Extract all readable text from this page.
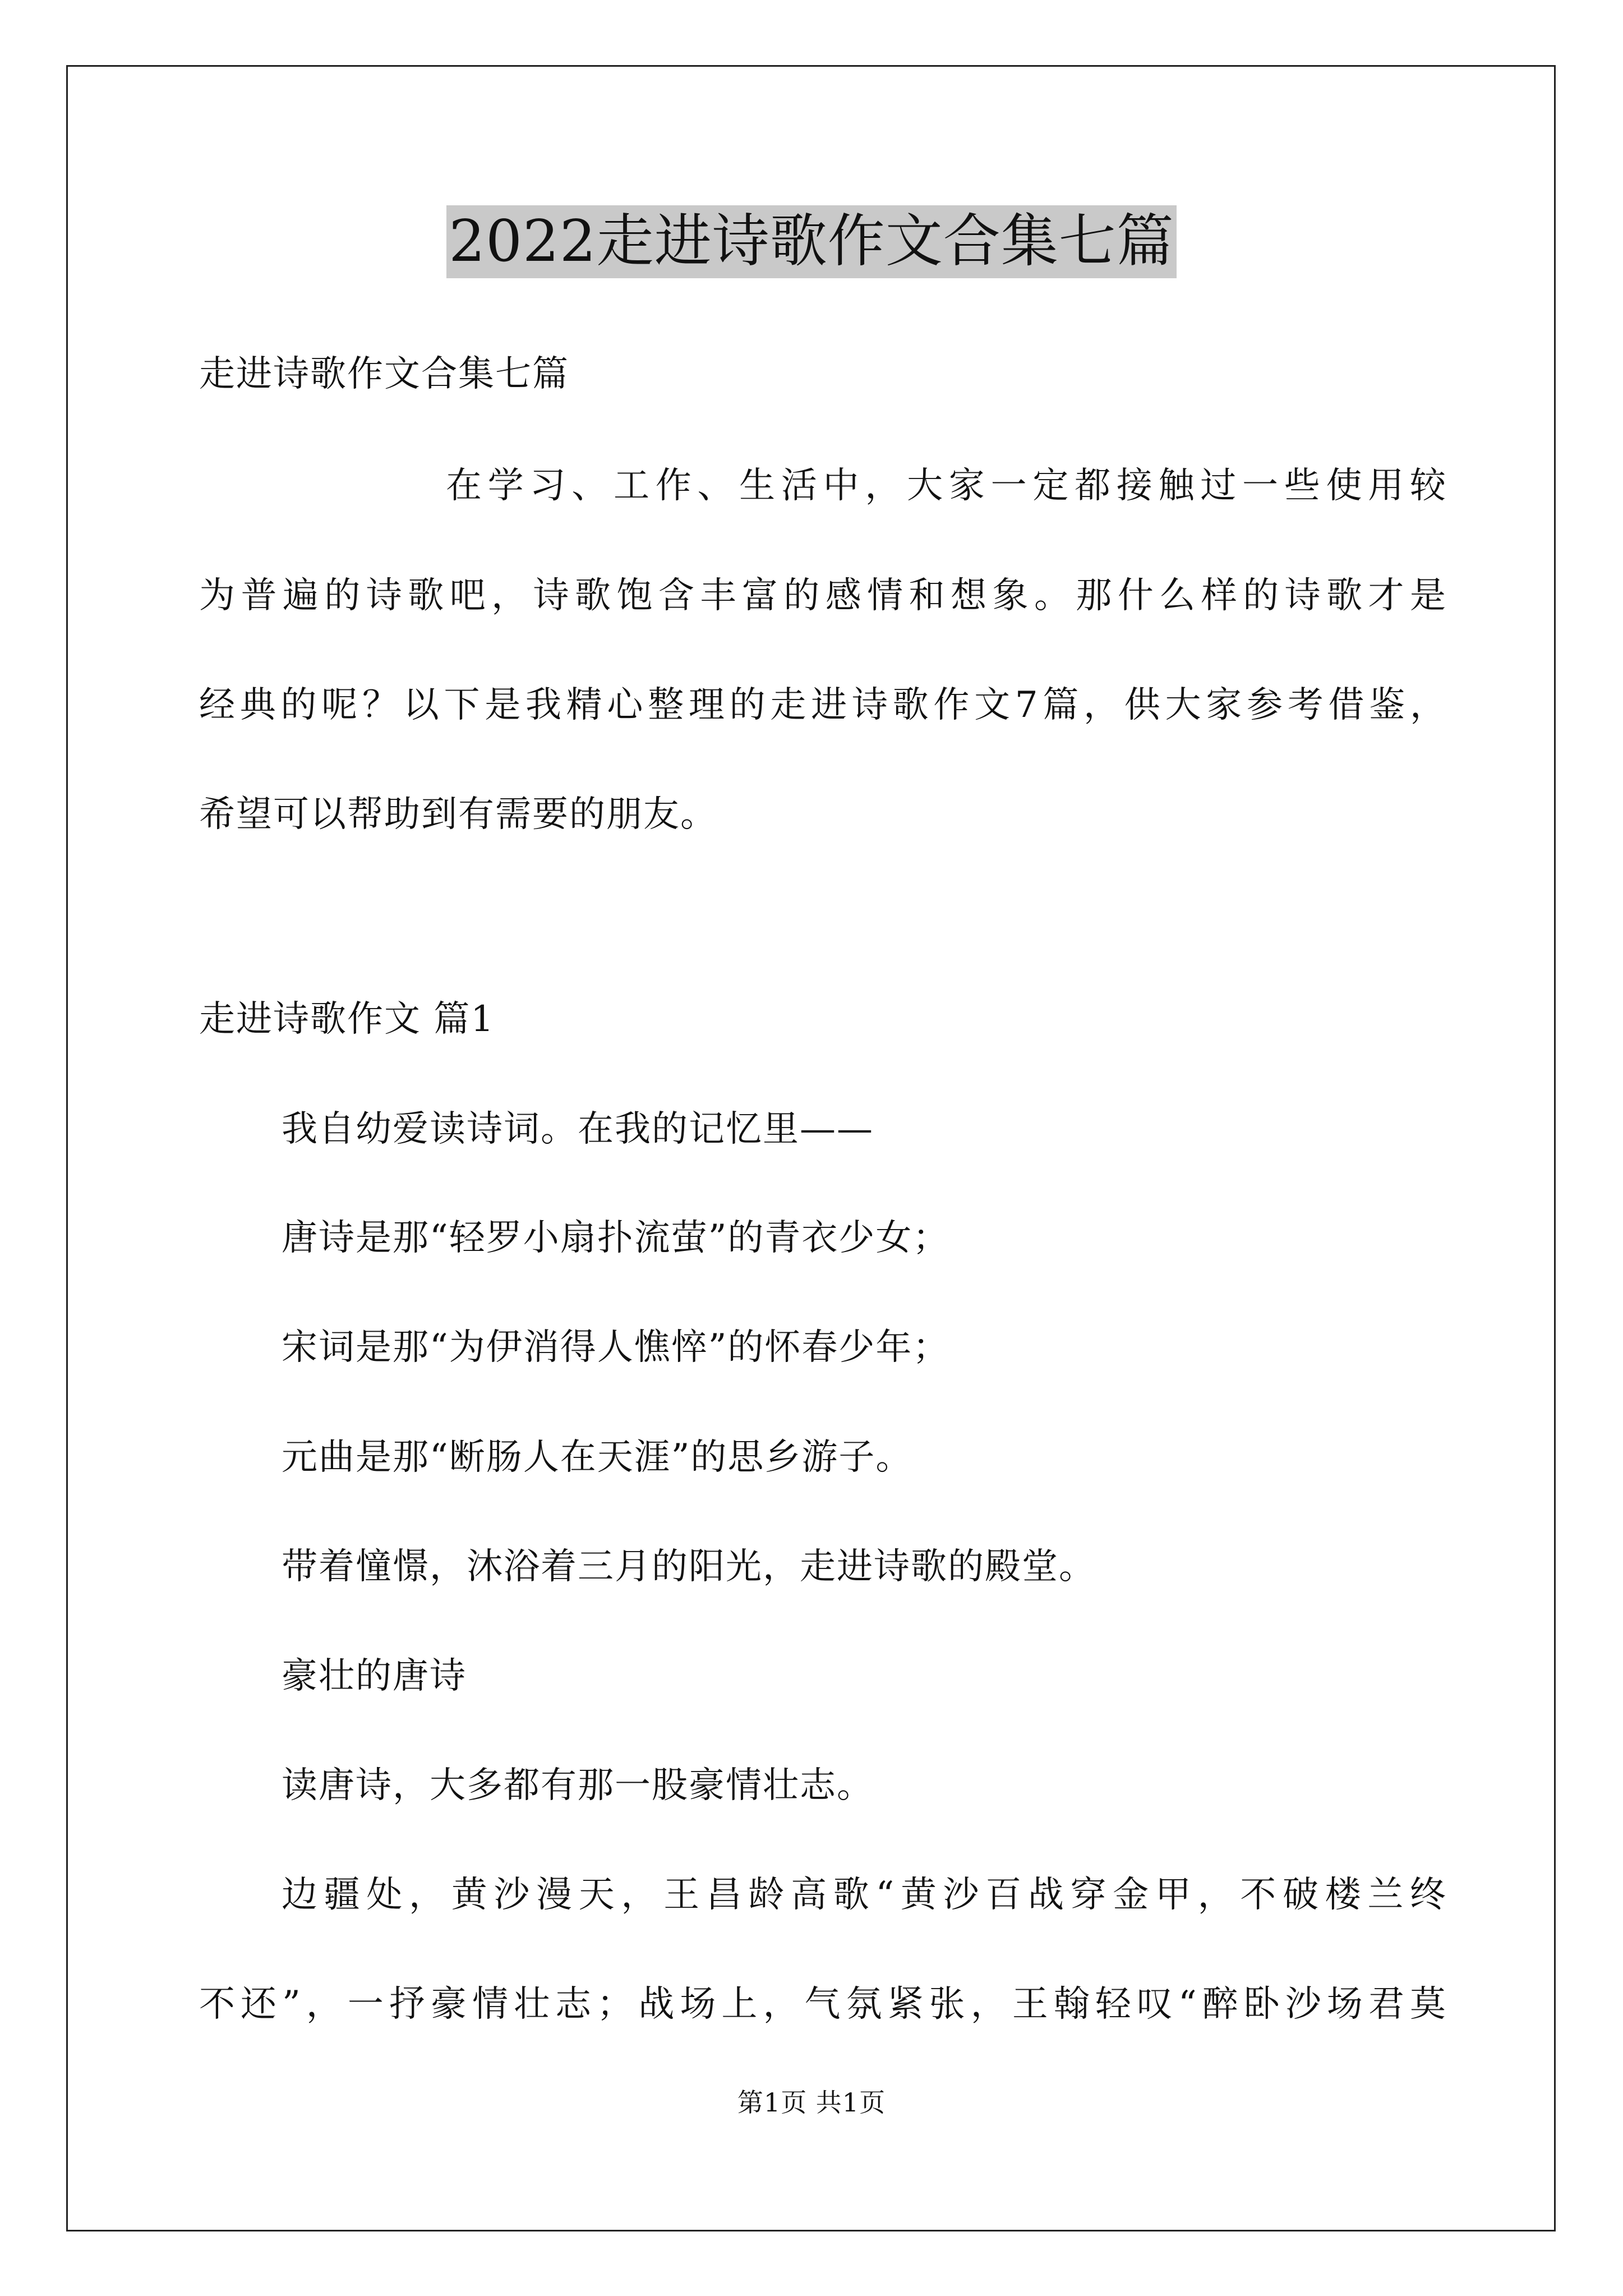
2022走进诗歌作文合集七篇
走进诗歌作文合集七篇
在学习、工作、生活中，大家一定都接触过一些使用较
为普遍的诗歌吧，诗歌饱含丰富的感情和想象。那什么样的诗歌才是
经典的呢？以下是我精心整理的走进诗歌作文7篇，供大家参考借鉴，
希望可以帮助到有需要的朋友。
走进诗歌作文 篇1
我自幼爱读诗词。在我的记忆里——
唐诗是那“轻罗小扇扑流萤”的青衣少女；
宋词是那“为伊消得人憔悴”的怀春少年；
元曲是那“断肠人在天涯”的思乡游子。
带着憧憬，沐浴着三月的阳光，走进诗歌的殿堂。
豪壮的唐诗
读唐诗，大多都有那一股豪情壮志。
边疆处，黄沙漫天，王昌龄高歌“黄沙百战穿金甲，不破楼兰终
不还”，一抒豪情壮志；战场上，气氛紧张，王翰轻叹“醉卧沙场君莫
第1页 共1页
